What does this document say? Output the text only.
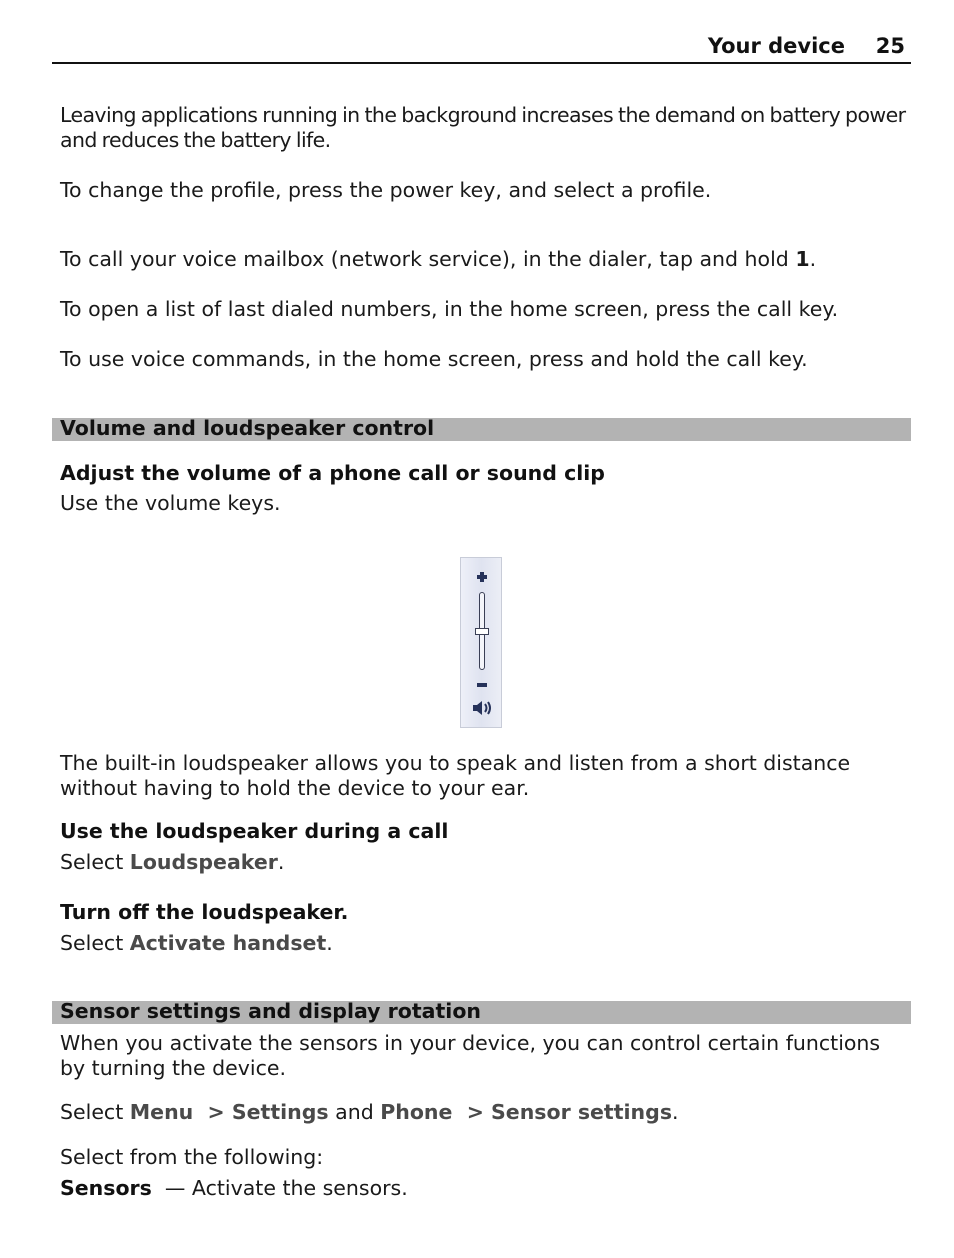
Your device 25
Leaving applications running in the background increases the demand on battery power and reduces the battery life.
To change the profile, press the power key, and select a profile.
To call your voice mailbox (network service), in the dialer, tap and hold 1.
To open a list of last dialed numbers, in the home screen, press the call key.
To use voice commands, in the home screen, press and hold the call key.
Volume and loudspeaker control
Adjust the volume of a phone call or sound clip
Use the volume keys.
The built-in loudspeaker allows you to speak and listen from a short distance without having to hold the device to your ear.
Use the loudspeaker during a call
Select Loudspeaker.
Turn off the loudspeaker.
Select Activate handset.
Sensor settings and display rotation
When you activate the sensors in your device, you can control certain functions by turning the device.
Select Menu  > Settings and Phone  > Sensor settings.
Select from the following:
Sensors  — Activate the sensors.
